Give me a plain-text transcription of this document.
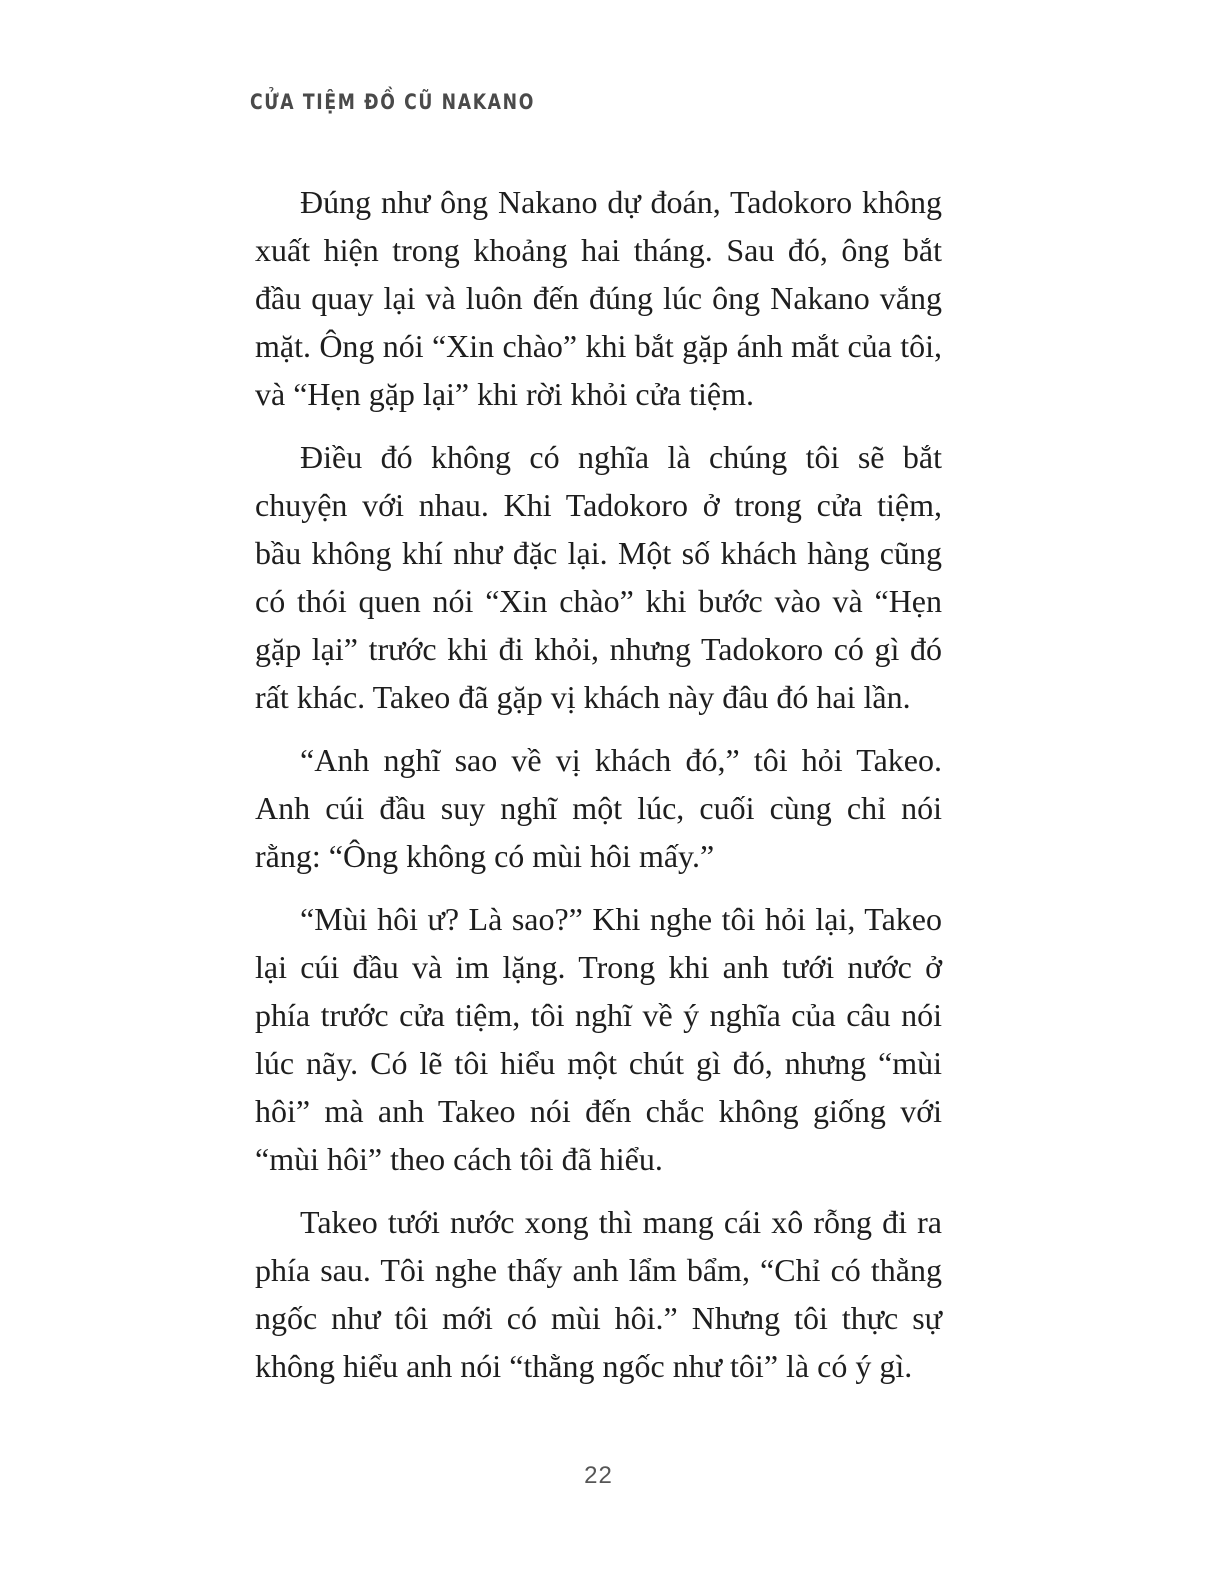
CỬA TIỆM ĐỒ CŨ NAKANO

Đúng như ông Nakano dự đoán, Tadokoro không xuất hiện trong khoảng hai tháng. Sau đó, ông bắt đầu quay lại và luôn đến đúng lúc ông Nakano vắng mặt. Ông nói “Xin chào” khi bắt gặp ánh mắt của tôi, và “Hẹn gặp lại” khi rời khỏi cửa tiệm.

Điều đó không có nghĩa là chúng tôi sẽ bắt chuyện với nhau. Khi Tadokoro ở trong cửa tiệm, bầu không khí như đặc lại. Một số khách hàng cũng có thói quen nói “Xin chào” khi bước vào và “Hẹn gặp lại” trước khi đi khỏi, nhưng Tadokoro có gì đó rất khác. Takeo đã gặp vị khách này đâu đó hai lần.

“Anh nghĩ sao về vị khách đó,” tôi hỏi Takeo. Anh cúi đầu suy nghĩ một lúc, cuối cùng chỉ nói rằng: “Ông không có mùi hôi mấy.”

“Mùi hôi ư? Là sao?” Khi nghe tôi hỏi lại, Takeo lại cúi đầu và im lặng. Trong khi anh tưới nước ở phía trước cửa tiệm, tôi nghĩ về ý nghĩa của câu nói lúc nãy. Có lẽ tôi hiểu một chút gì đó, nhưng “mùi hôi” mà anh Takeo nói đến chắc không giống với “mùi hôi” theo cách tôi đã hiểu.

Takeo tưới nước xong thì mang cái xô rỗng đi ra phía sau. Tôi nghe thấy anh lẩm bẩm, “Chỉ có thằng ngốc như tôi mới có mùi hôi.” Nhưng tôi thực sự không hiểu anh nói “thằng ngốc như tôi” là có ý gì.

22
